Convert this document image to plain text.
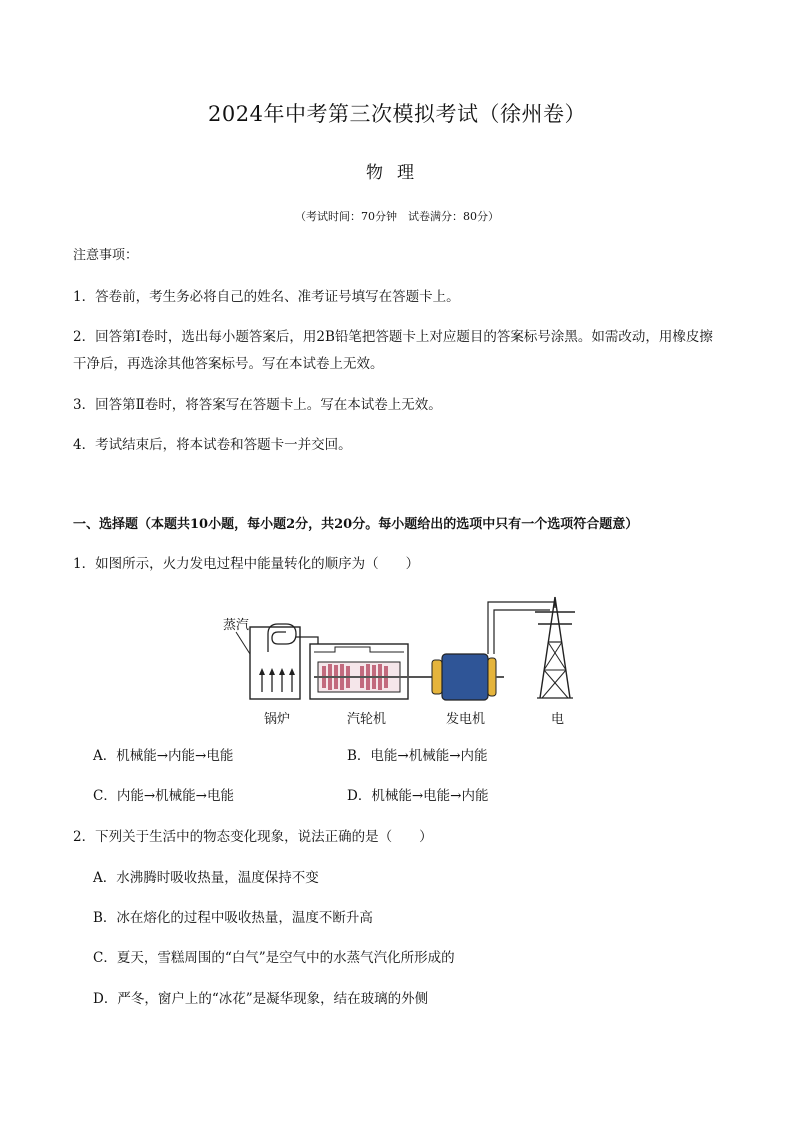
2024年中考第三次模拟考试（徐州卷）
物理
（考试时间：70分钟　试卷满分：80分）
注意事项：
1．答卷前，考生务必将自己的姓名、准考证号填写在答题卡上。
2．回答第Ⅰ卷时，选出每小题答案后，用2B铅笔把答题卡上对应题目的答案标号涂黑。如需改动，用橡皮擦干净后，再选涂其他答案标号。写在本试卷上无效。
3．回答第Ⅱ卷时，将答案写在答题卡上。写在本试卷上无效。
4．考试结束后，将本试卷和答题卡一并交回。
一、选择题（本题共10小题，每小题2分，共20分。每小题给出的选项中只有一个选项符合题意）
1．如图所示，火力发电过程中能量转化的顺序为（　　）
蒸汽
锅炉	汽轮机	发电机	电
A．机械能→内能→电能	B．电能→机械能→内能
C．内能→机械能→电能	D．机械能→电能→内能
2．下列关于生活中的物态变化现象，说法正确的是（　　）
A．水沸腾时吸收热量，温度保持不变
B．冰在熔化的过程中吸收热量，温度不断升高
C．夏天，雪糕周围的“白气”是空气中的水蒸气汽化所形成的
D．严冬，窗户上的“冰花”是凝华现象，结在玻璃的外侧
